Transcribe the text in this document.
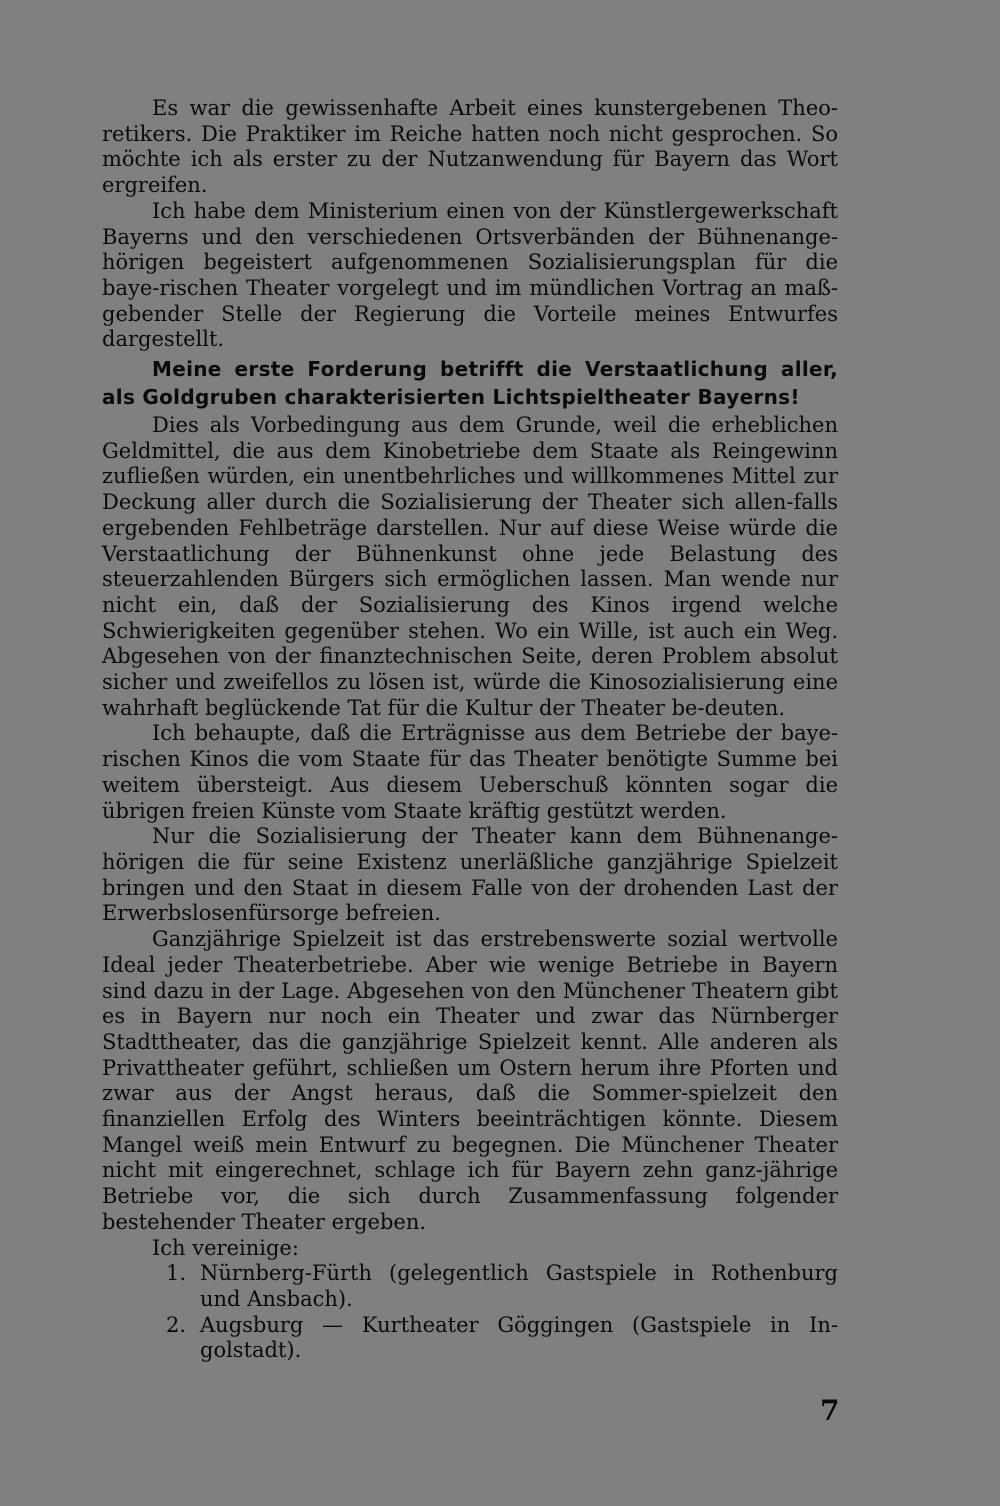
Es war die gewissenhafte Arbeit eines kunstergebenen Theo-retikers. Die Praktiker im Reiche hatten noch nicht gesprochen. So möchte ich als erster zu der Nutzanwendung für Bayern das Wort ergreifen.

Ich habe dem Ministerium einen von der Künstlergewerkschaft Bayerns und den verschiedenen Ortsverbänden der Bühnenange-hörigen begeistert aufgenommenen Sozialisierungsplan für die baye-rischen Theater vorgelegt und im mündlichen Vortrag an maß-gebender Stelle der Regierung die Vorteile meines Entwurfes dargestellt.

Meine erste Forderung betrifft die Verstaatlichung aller, als Goldgruben charakterisierten Lichtspieltheater Bayerns!

Dies als Vorbedingung aus dem Grunde, weil die erheblichen Geldmittel, die aus dem Kinobetriebe dem Staate als Reingewinn zufließen würden, ein unentbehrliches und willkommenes Mittel zur Deckung aller durch die Sozialisierung der Theater sich allen-falls ergebenden Fehlbeträge darstellen. Nur auf diese Weise würde die Verstaatlichung der Bühnenkunst ohne jede Belastung des steuerzahlenden Bürgers sich ermöglichen lassen. Man wende nur nicht ein, daß der Sozialisierung des Kinos irgend welche Schwierigkeiten gegenüber stehen. Wo ein Wille, ist auch ein Weg. Abgesehen von der finanztechnischen Seite, deren Problem absolut sicher und zweifellos zu lösen ist, würde die Kinosozialisierung eine wahrhaft beglückende Tat für die Kultur der Theater be-deuten.

Ich behaupte, daß die Erträgnisse aus dem Betriebe der baye-rischen Kinos die vom Staate für das Theater benötigte Summe bei weitem übersteigt. Aus diesem Ueberschuß könnten sogar die übrigen freien Künste vom Staate kräftig gestützt werden.

Nur die Sozialisierung der Theater kann dem Bühnenange-hörigen die für seine Existenz unerläßliche ganzjährige Spielzeit bringen und den Staat in diesem Falle von der drohenden Last der Erwerbslosenfürsorge befreien.

Ganzjährige Spielzeit ist das erstrebenswerte sozial wertvolle Ideal jeder Theaterbetriebe. Aber wie wenige Betriebe in Bayern sind dazu in der Lage. Abgesehen von den Münchener Theatern gibt es in Bayern nur noch ein Theater und zwar das Nürnberger Stadttheater, das die ganzjährige Spielzeit kennt. Alle anderen als Privattheater geführt, schließen um Ostern herum ihre Pforten und zwar aus der Angst heraus, daß die Sommer-spielzeit den finanziellen Erfolg des Winters beeinträchtigen könnte. Diesem Mangel weiß mein Entwurf zu begegnen. Die Münchener Theater nicht mit eingerechnet, schlage ich für Bayern zehn ganz-jährige Betriebe vor, die sich durch Zusammenfassung folgender bestehender Theater ergeben.

Ich vereinige:

1. Nürnberg-Fürth (gelegentlich Gastspiele in Rothenburg und Ansbach).
2. Augsburg — Kurtheater Göggingen (Gastspiele in In-golstadt).
7
